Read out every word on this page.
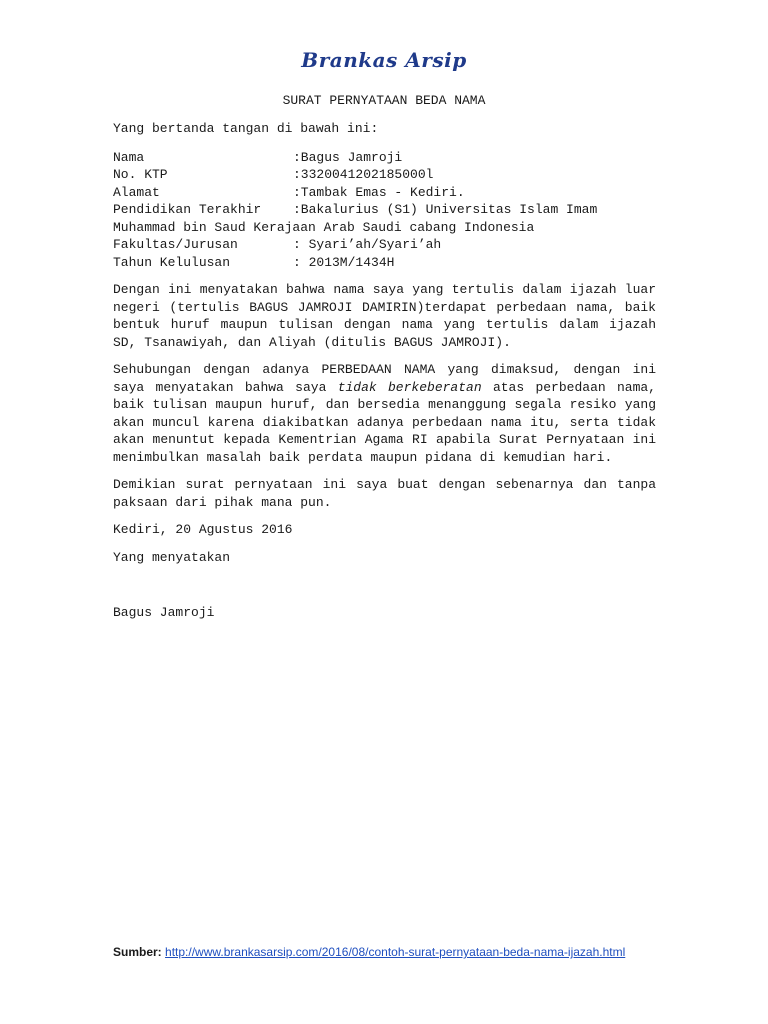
Brankas Arsip
SURAT PERNYATAAN BEDA NAMA

Yang bertanda tangan di bawah ini:

Nama	:Bagus Jamroji
No. KTP	:3320041202185000l
Alamat	:Tambak Emas - Kediri.
Pendidikan Terakhir	:Bakalurius (S1) Universitas Islam Imam
Muhammad bin Saud Kerajaan Arab Saudi cabang Indonesia
Fakultas/Jurusan	: Syari’ah/Syari’ah
Tahun Kelulusan	: 2013M/1434H

Dengan ini menyatakan bahwa nama saya yang tertulis dalam ijazah luar negeri (tertulis BAGUS JAMROJI DAMIRIN)terdapat perbedaan nama, baik bentuk huruf maupun tulisan dengan nama yang tertulis dalam ijazah SD, Tsanawiyah, dan Aliyah (ditulis BAGUS JAMROJI).

Sehubungan dengan adanya PERBEDAAN NAMA yang dimaksud, dengan ini saya menyatakan bahwa saya tidak berkeberatan atas perbedaan nama, baik tulisan maupun huruf, dan bersedia menanggung segala resiko yang akan muncul karena diakibatkan adanya perbedaan nama itu, serta tidak akan menuntut kepada Kementrian Agama RI apabila Surat Pernyataan ini menimbulkan masalah baik perdata maupun pidana di kemudian hari.

Demikian surat pernyataan ini saya buat dengan sebenarnya dan tanpa paksaan dari pihak mana pun.

Kediri, 20 Agustus 2016

Yang menyatakan

Bagus Jamroji

Sumber: http://www.brankasarsip.com/2016/08/contoh-surat-pernyataan-beda-nama-ijazah.html
